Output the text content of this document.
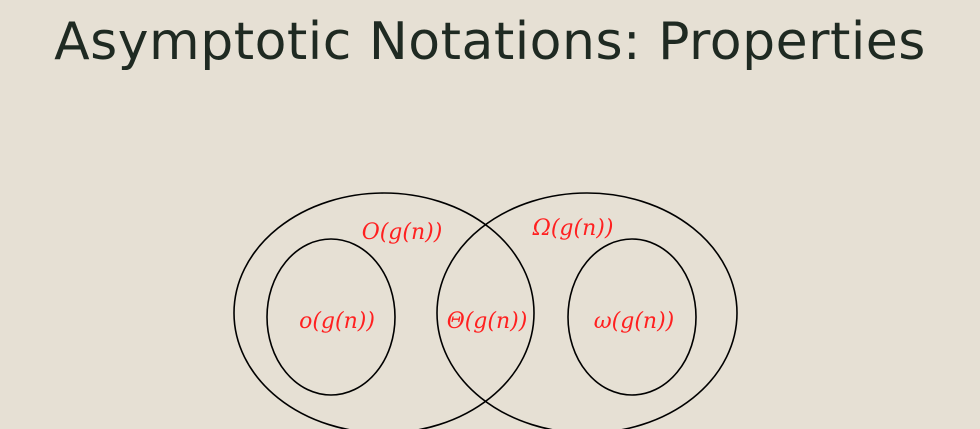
Asymptotic Notations: Properties
O(g(n))	Ω(g(n))
o(g(n))	Θ(g(n))	ω(g(n))
